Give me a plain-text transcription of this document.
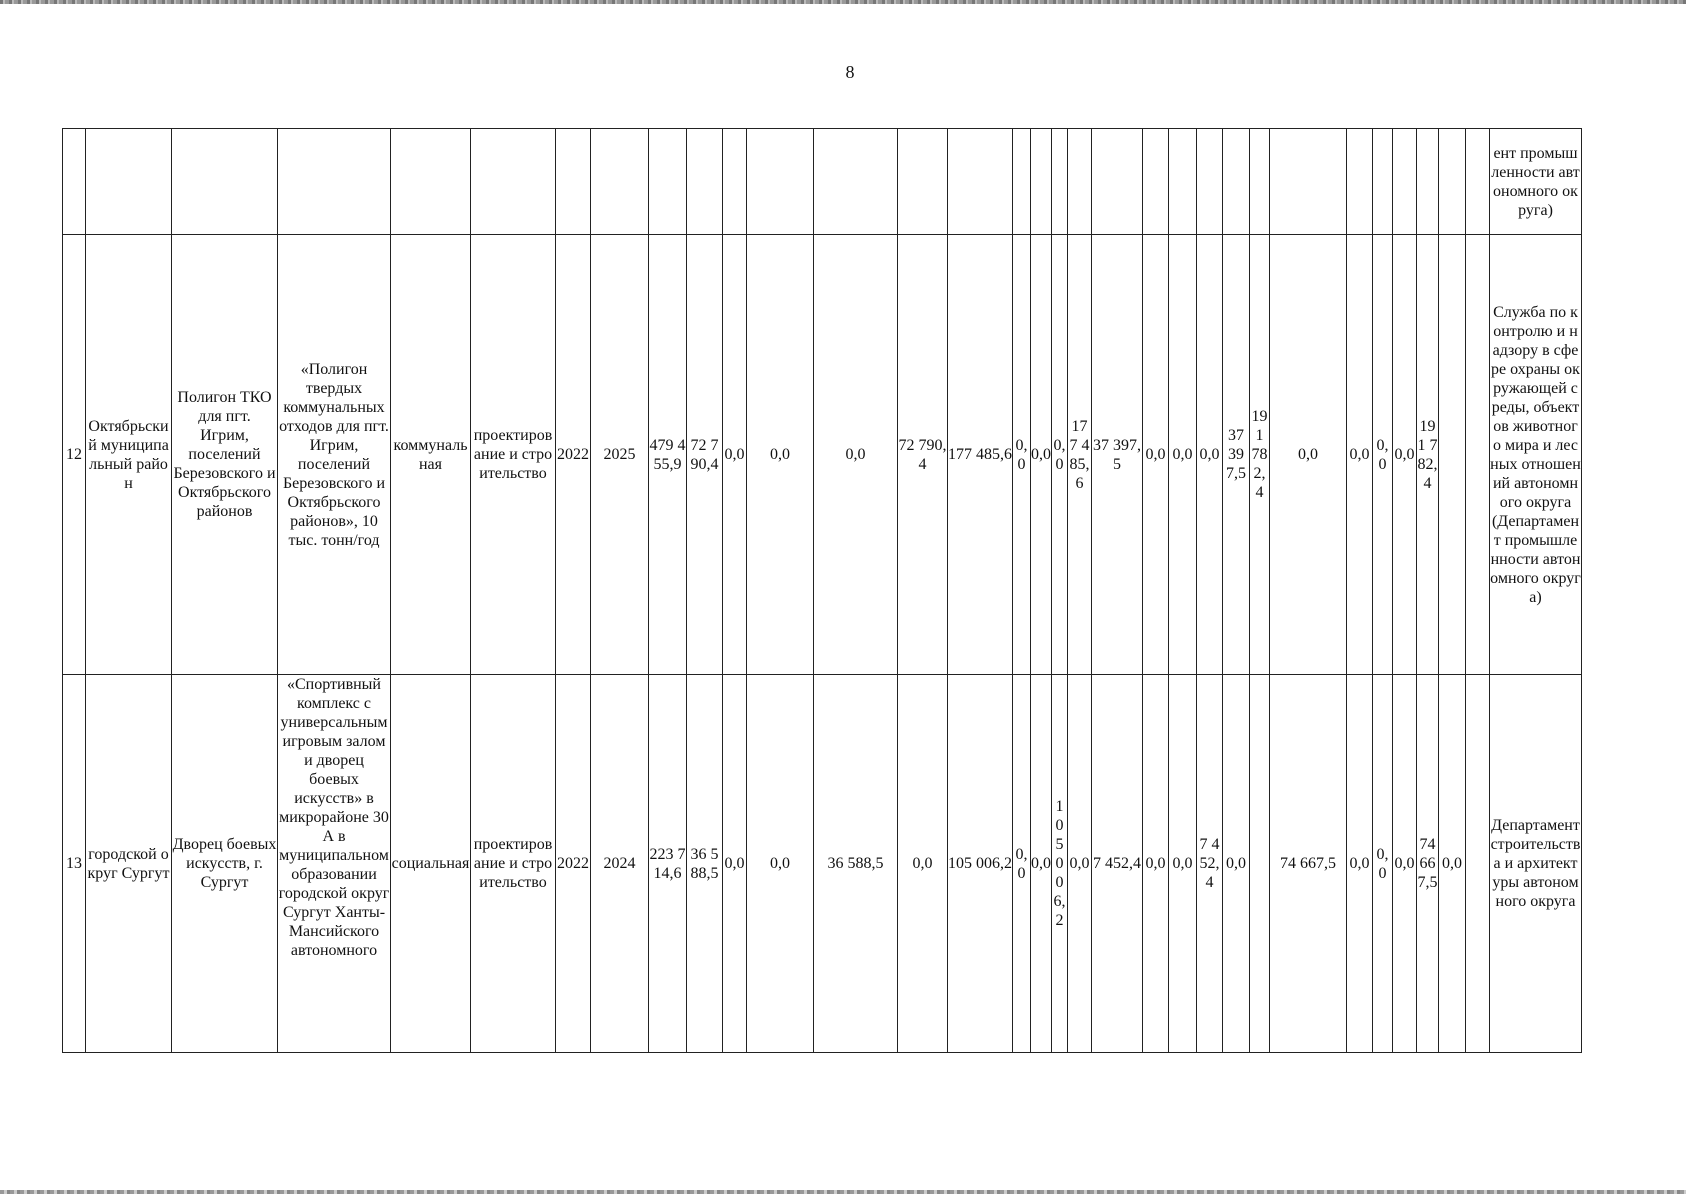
8
																																ент промышленности автономного округа)
12	Октябрьский муниципальный район	Полигон ТКО для пгт. Игрим, поселений Березовского и Октябрьского районов	«Полигон твердых коммунальных отходов для пгт. Игрим, поселений Березовского и Октябрьского районов», 10 тыс. тонн/год	коммунальная	проектирование и строительство	2022	2025	479 455,9	72 790,4	0,0	0,0	0,0	72 790,4	177 485,6	0,0	0,0	0,0	177 485,6	37 397,5	0,0	0,0	0,0	37 397,5	191 782,4	0,0	0,0	0,0	0,0	191 782,4			Служба по контролю и надзору в сфере охраны окружающей среды, объектов животного мира и лесных отношений автономного округа (Департамент промышленности автономного округа)
13	городской округ Сургут	Дворец боевых искусств, г. Сургут	«Спортивный комплекс с универсальным игровым залом и дворец боевых искусств» в микрорайоне 30 А в муниципальном образовании городской округ Сургут Ханты-Мансийского автономного	социальная	проектирование и строительство	2022	2024	223 714,6	36 588,5	0,0	0,0	36 588,5	0,0	105 006,2	0,0	0,0	105 006,2	0,0	7 452,4	0,0	0,0	7 452,4	0,0		74 667,5	0,0	0,0	0,0	74 667,5	0,0		Департамент строительства и архитектуры автономного округа
